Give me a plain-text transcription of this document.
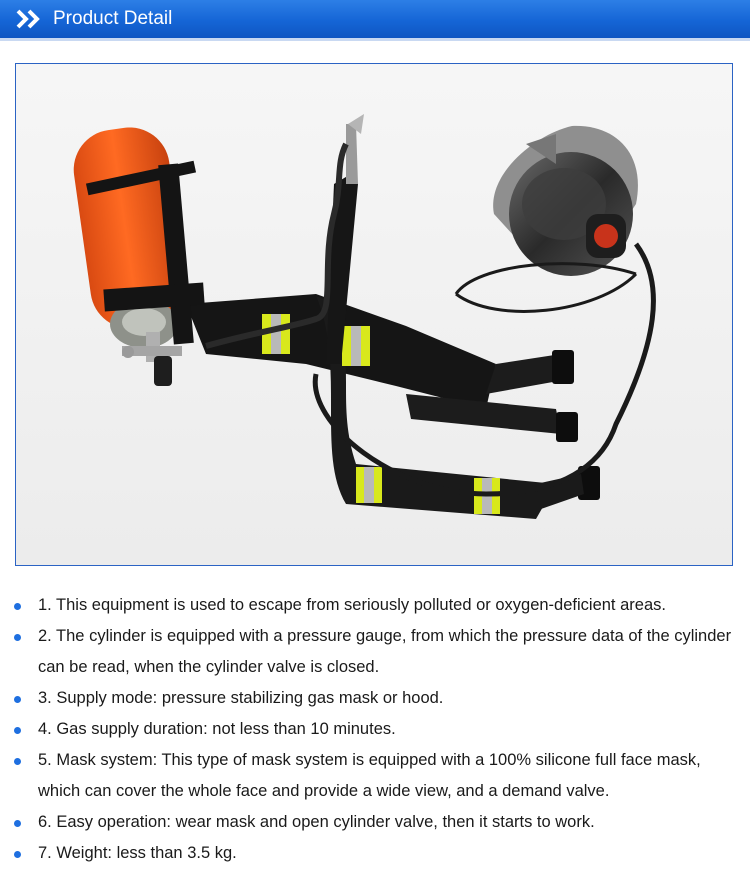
Product Detail
1. This equipment is used to escape from seriously polluted or oxygen-deficient areas.
2. The cylinder is equipped with a pressure gauge, from which the pressure data of the cylinder can be read, when the cylinder valve is closed.
3. Supply mode: pressure stabilizing gas mask or hood.
4. Gas supply duration: not less than 10 minutes.
5. Mask system: This type of mask system is equipped with a 100% silicone full face mask, which can cover the whole face and provide a wide view, and a demand valve.
6. Easy operation: wear mask and open cylinder valve, then it starts to work.
7. Weight: less than 3.5 kg.
